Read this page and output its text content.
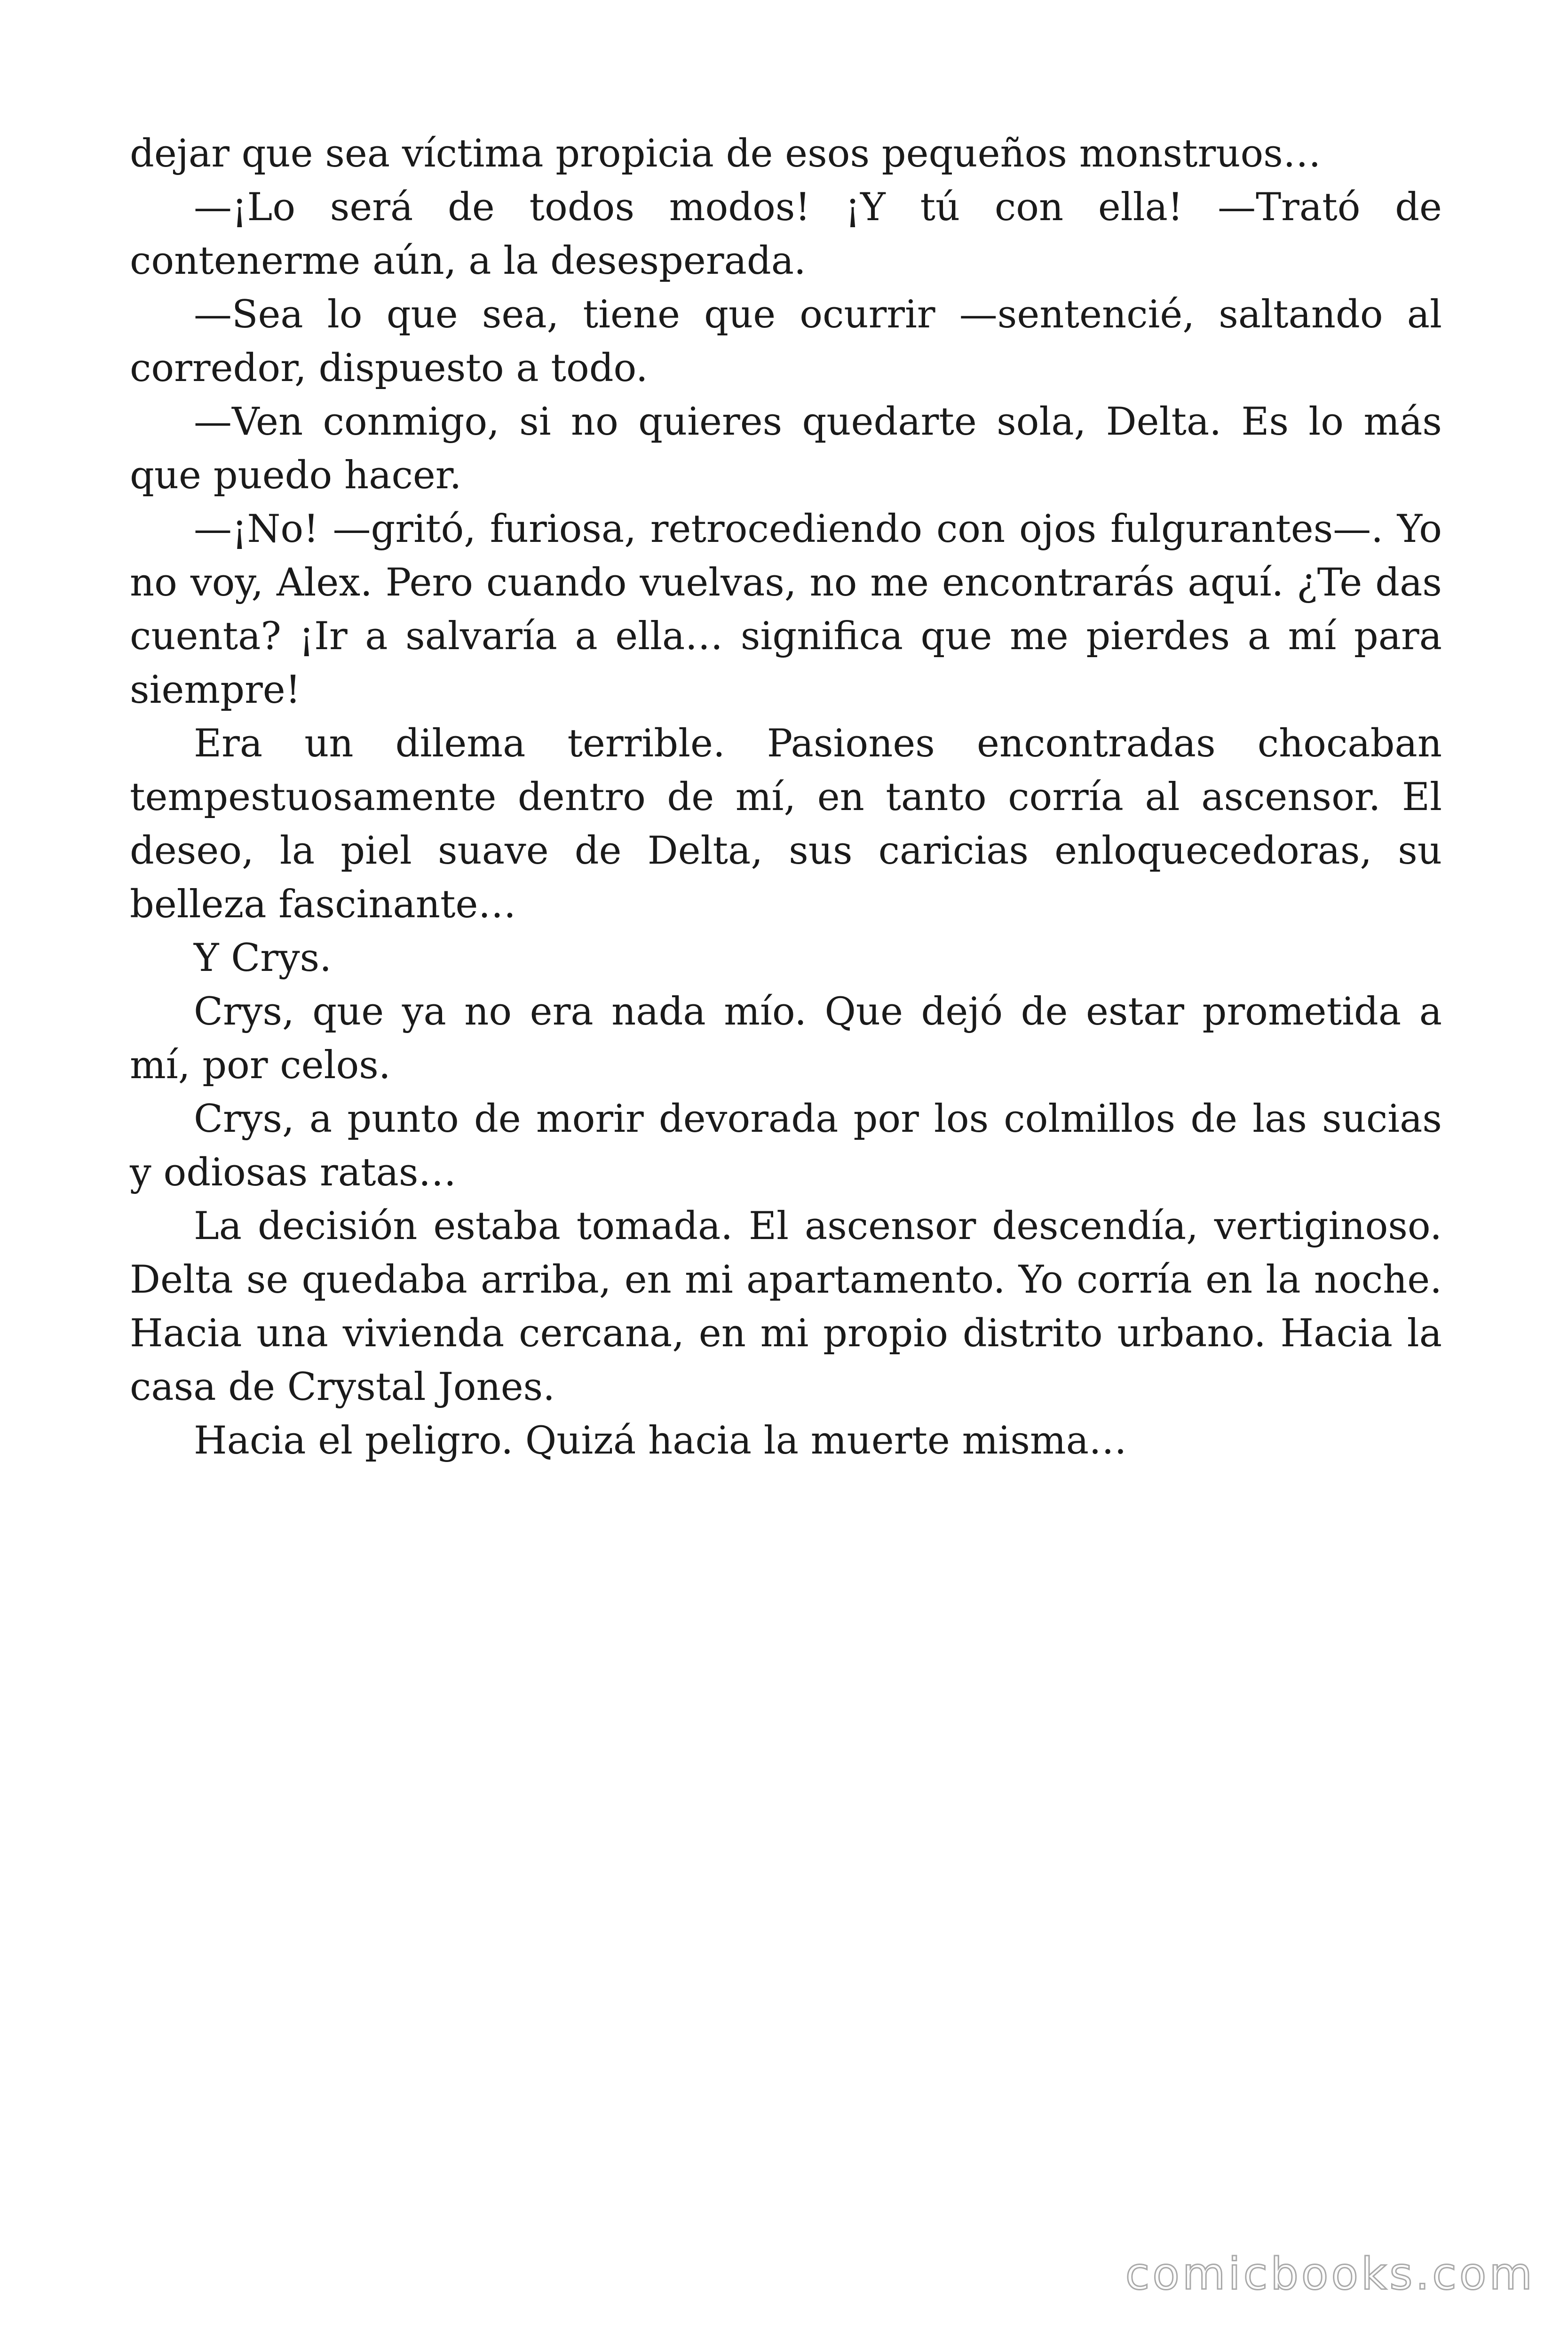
dejar que sea víctima propicia de esos pequeños monstruos…

—¡Lo será de todos modos! ¡Y tú con ella! —Trató de contenerme aún, a la desesperada.

—Sea lo que sea, tiene que ocurrir —sentencié, saltando al corredor, dispuesto a todo.

—Ven conmigo, si no quieres quedarte sola, Delta. Es lo más que puedo hacer.

—¡No! —gritó, furiosa, retrocediendo con ojos fulgurantes—. Yo no voy, Alex. Pero cuando vuelvas, no me encontrarás aquí. ¿Te das cuenta? ¡Ir a salvaría a ella… significa que me pierdes a mí para siempre!

Era un dilema terrible. Pasiones encontradas chocaban tempestuosamente dentro de mí, en tanto corría al ascensor. El deseo, la piel suave de Delta, sus caricias enloquecedoras, su belleza fascinante…

Y Crys.

Crys, que ya no era nada mío. Que dejó de estar prometida a mí, por celos.

Crys, a punto de morir devorada por los colmillos de las sucias y odiosas ratas…

La decisión estaba tomada. El ascensor descendía, vertiginoso. Delta se quedaba arriba, en mi apartamento. Yo corría en la noche. Hacia una vivienda cercana, en mi propio distrito urbano. Hacia la casa de Crystal Jones.

Hacia el peligro. Quizá hacia la muerte misma…

comicbooks.com
